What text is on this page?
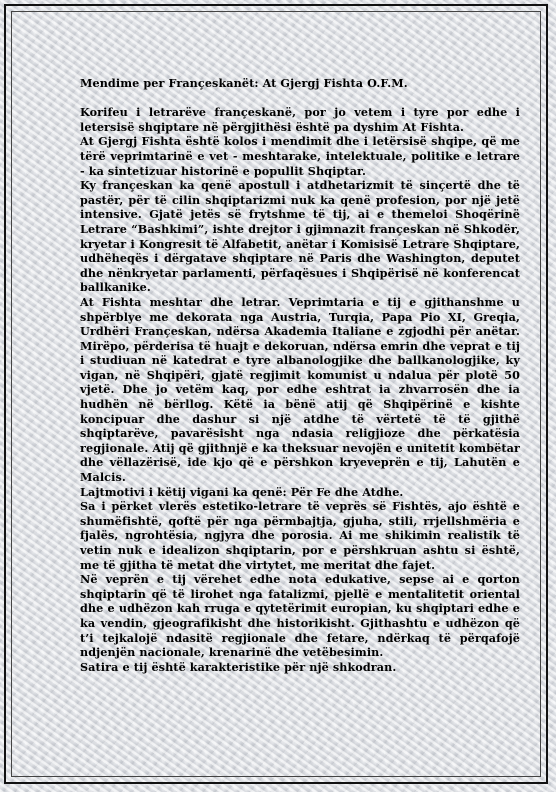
Mendime per Françeskanët: At Gjergj Fishta O.F.M.

Korifeu i letrarëve françeskanë, por jo vetem i tyre por edhe i letersisë shqiptare në përgjithësi është pa dyshim At Fishta.

At Gjergj Fishta është kolos i mendimit dhe i letërsisë shqipe, që me tërë veprimtarinë e vet - meshtarake, intelektuale, politike e letrare - ka sintetizuar historinë e popullit Shqiptar.

Ky françeskan ka qenë apostull i atdhetarizmit të sinçertë dhe të pastër, për të cilin shqiptarizmi nuk ka qenë profesion, por një jetë intensive. Gjatë jetës së frytshme të tij, ai e themeloi Shoqërinë Letrare “Bashkimi”, ishte drejtor i gjimnazit françeskan në Shkodër, kryetar i Kongresit të Alfabetit, anëtar i Komisisë Letrare Shqiptare, udhëheqës i dërgatave shqiptare në Paris dhe Washington, deputet dhe nënkryetar parlamenti, përfaqësues i Shqipërisë në konferencat ballkanike.

At Fishta meshtar dhe letrar. Veprimtaria e tij e gjithanshme u shpërblye me dekorata nga Austria, Turqia, Papa Pio XI, Greqia, Urdhëri Françeskan, ndërsa Akademia Italiane e zgjodhi për anëtar. Mirëpo, përderisa të huajt e dekoruan, ndërsa emrin dhe veprat e tij i studiuan në katedrat e tyre albanologjike dhe ballkanologjike, ky vigan, në Shqipëri, gjatë regjimit komunist u ndalua për plotë 50 vjetë. Dhe jo vetëm kaq, por edhe eshtrat ia zhvarrosën dhe ia hudhën në bërllog. Këtë ia bënë atij që Shqipërinë e kishte koncipuar dhe dashur si një atdhe të vërtetë të të gjithë shqiptarëve, pavarësisht nga ndasia religjioze dhe përkatësia regjionale. Atij që gjithnjë e ka theksuar nevojën e unitetit kombëtar dhe vëllazërisë, ide kjo që e përshkon kryeveprën e tij, Lahutën e Malcis.

Lajtmotivi i këtij vigani ka qenë: Për Fe dhe Atdhe.

Sa i përket vlerës estetiko-letrare të veprës së Fishtës, ajo është e shumëfishtë, qoftë për nga përmbajtja, gjuha, stili, rrjellshmëria e fjalës, ngrohtësia, ngjyra dhe porosia. Ai me shikimin realistik të vetin nuk e idealizon shqiptarin, por e përshkruan ashtu si është, me të gjitha të metat dhe virtytet, me meritat dhe fajet.

Në veprën e tij vërehet edhe nota edukative, sepse ai e qorton shqiptarin që të lirohet nga fatalizmi, pjellë e mentalitetit oriental dhe e udhëzon kah rruga e qytetërimit europian, ku shqiptari edhe e ka vendin, gjeografikisht dhe historikisht. Gjithashtu e udhëzon që t’i tejkalojë ndasitë regjionale dhe fetare, ndërkaq të përqafojë ndjenjën nacionale, krenarinë dhe vetëbesimin.

Satira e tij është karakteristike për një shkodran.
